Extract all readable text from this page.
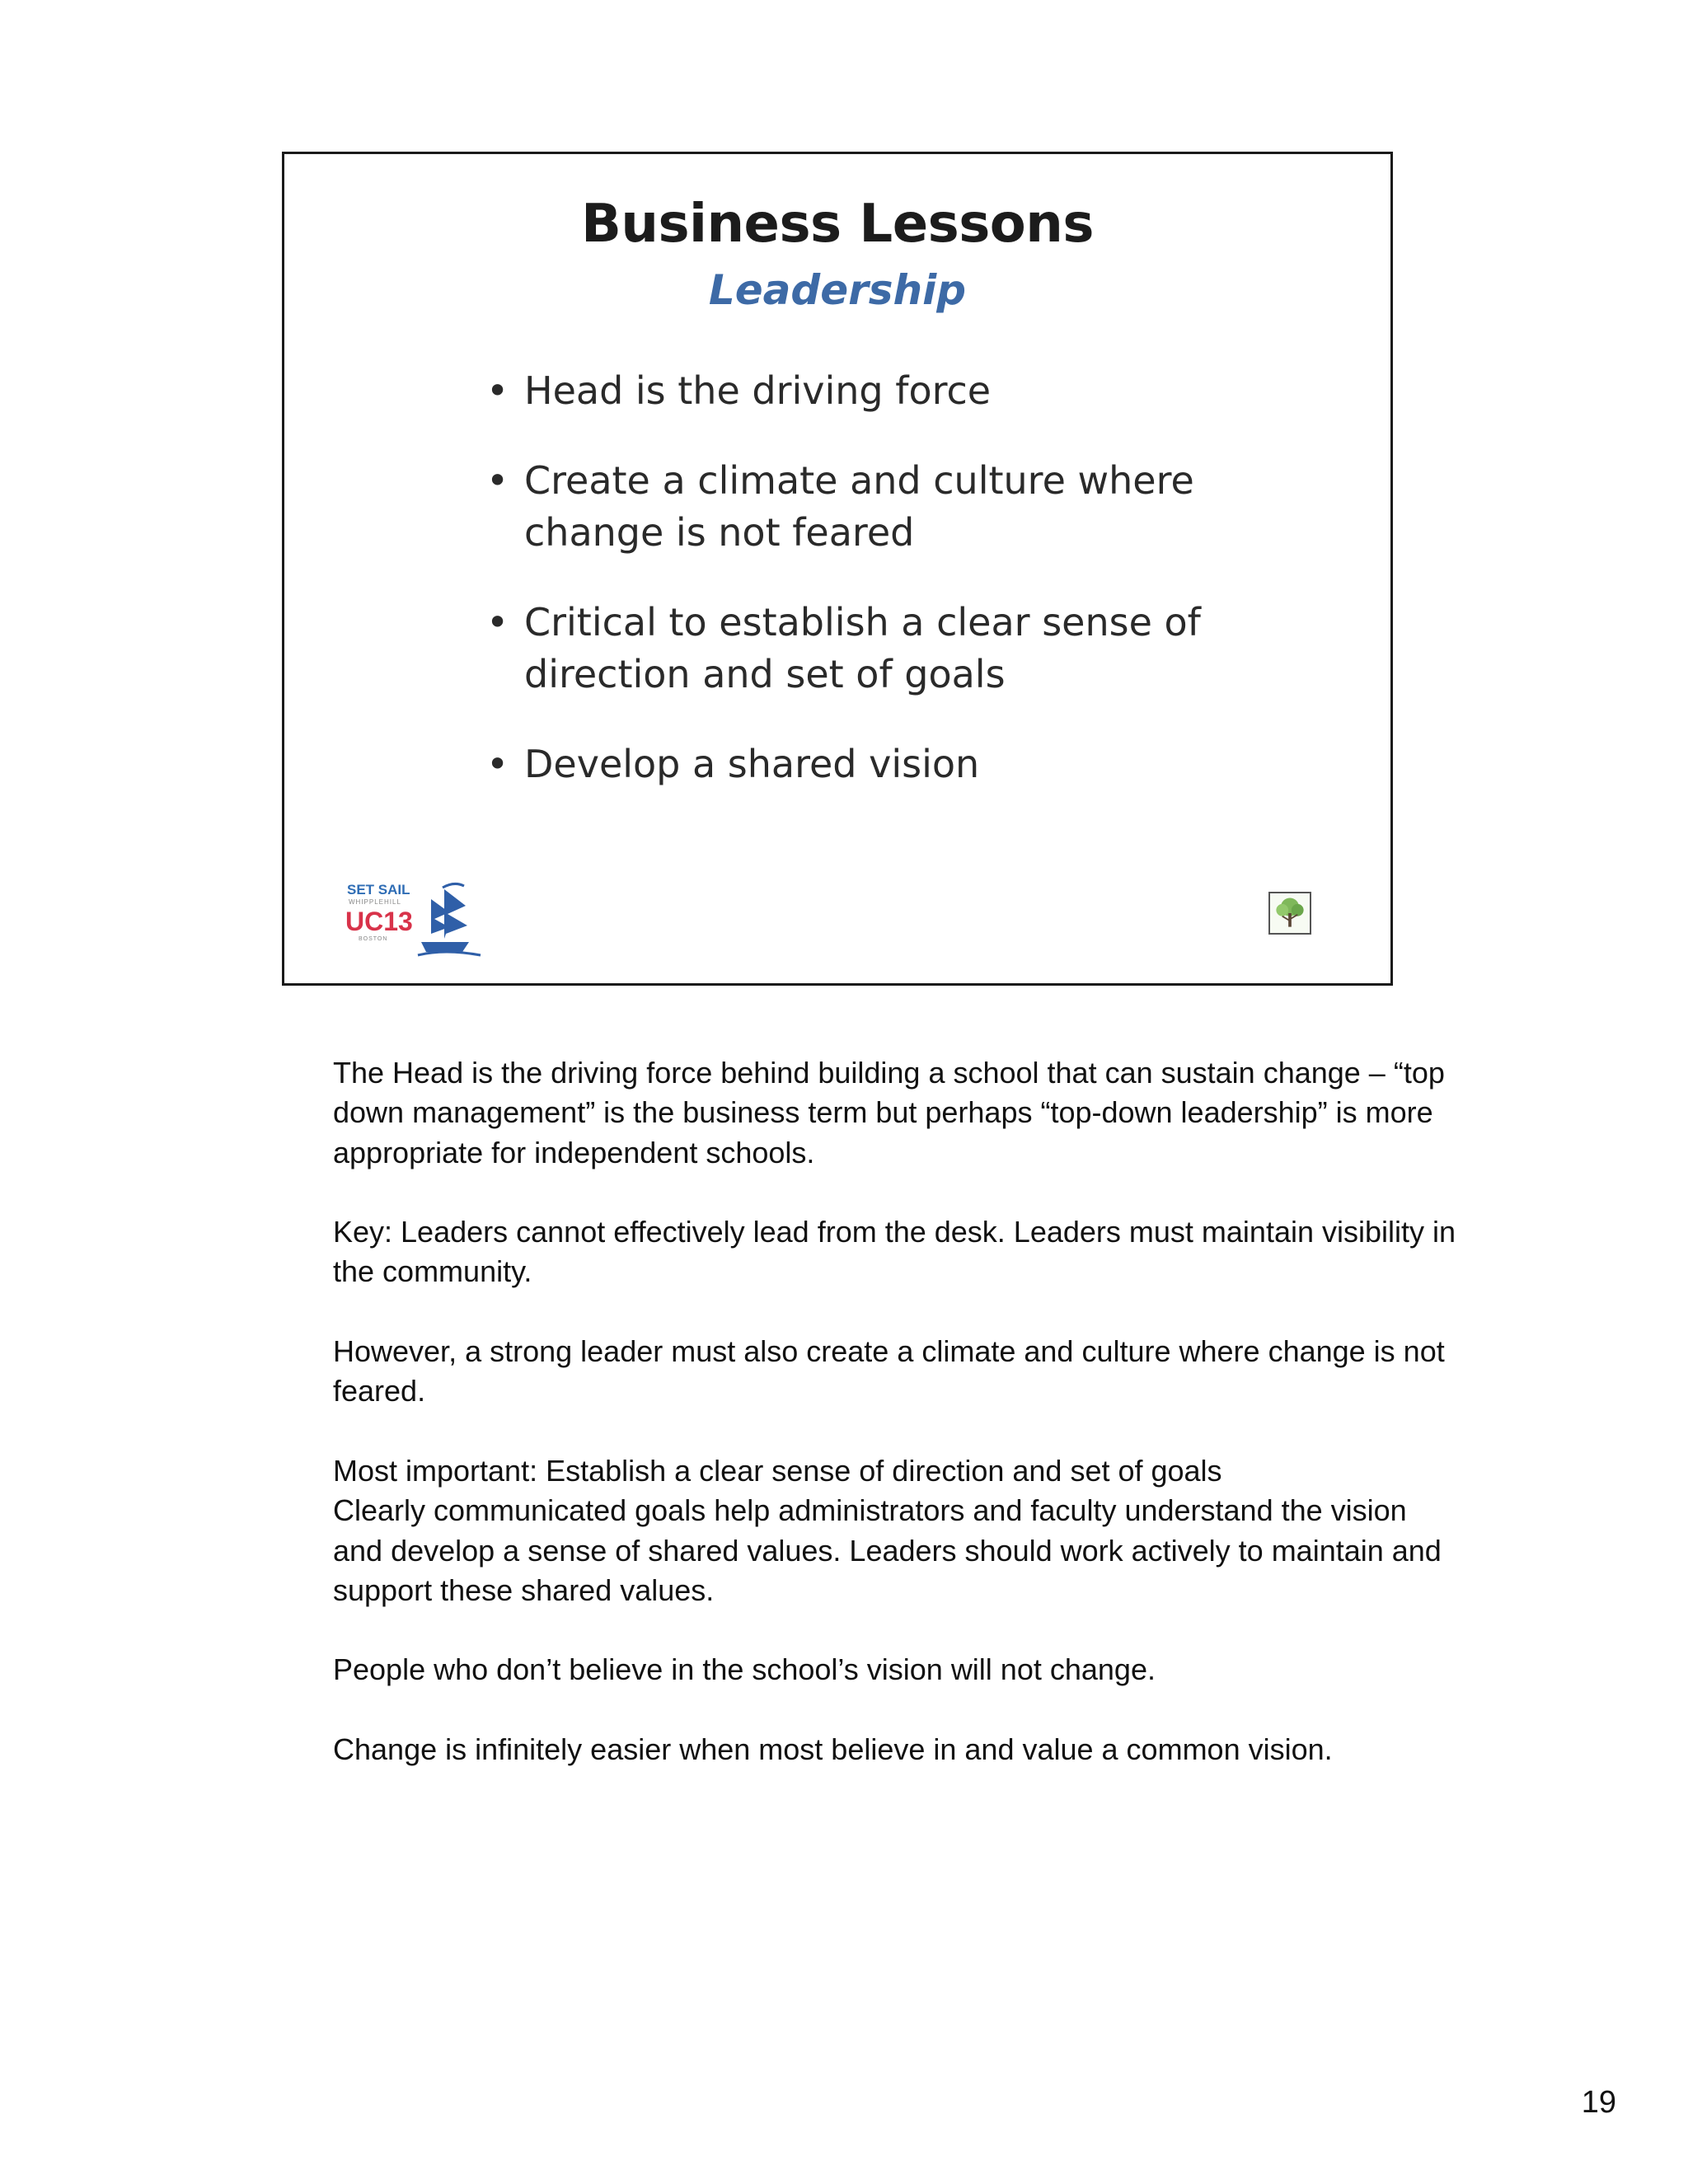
Business Lessons
Leadership
• Head is the driving force
• Create a climate and culture where change is not feared
• Critical to establish a clear sense of direction and set of goals
• Develop a shared vision
SET SAIL
WHIPPLEHILL
UC13
BOSTON

The Head is the driving force behind building a school that can sustain change – “top down management” is the business term but perhaps “top-down leadership” is more appropriate for independent schools.

Key: Leaders cannot effectively lead from the desk. Leaders must maintain visibility in the community.

However, a strong leader must also create a climate and culture where change is not feared.

Most important: Establish a clear sense of direction and set of goals
Clearly communicated goals help administrators and faculty understand the vision and develop a sense of shared values. Leaders should work actively to maintain and support these shared values.

People who don’t believe in the school’s vision will not change.

Change is infinitely easier when most believe in and value a common vision.

19
